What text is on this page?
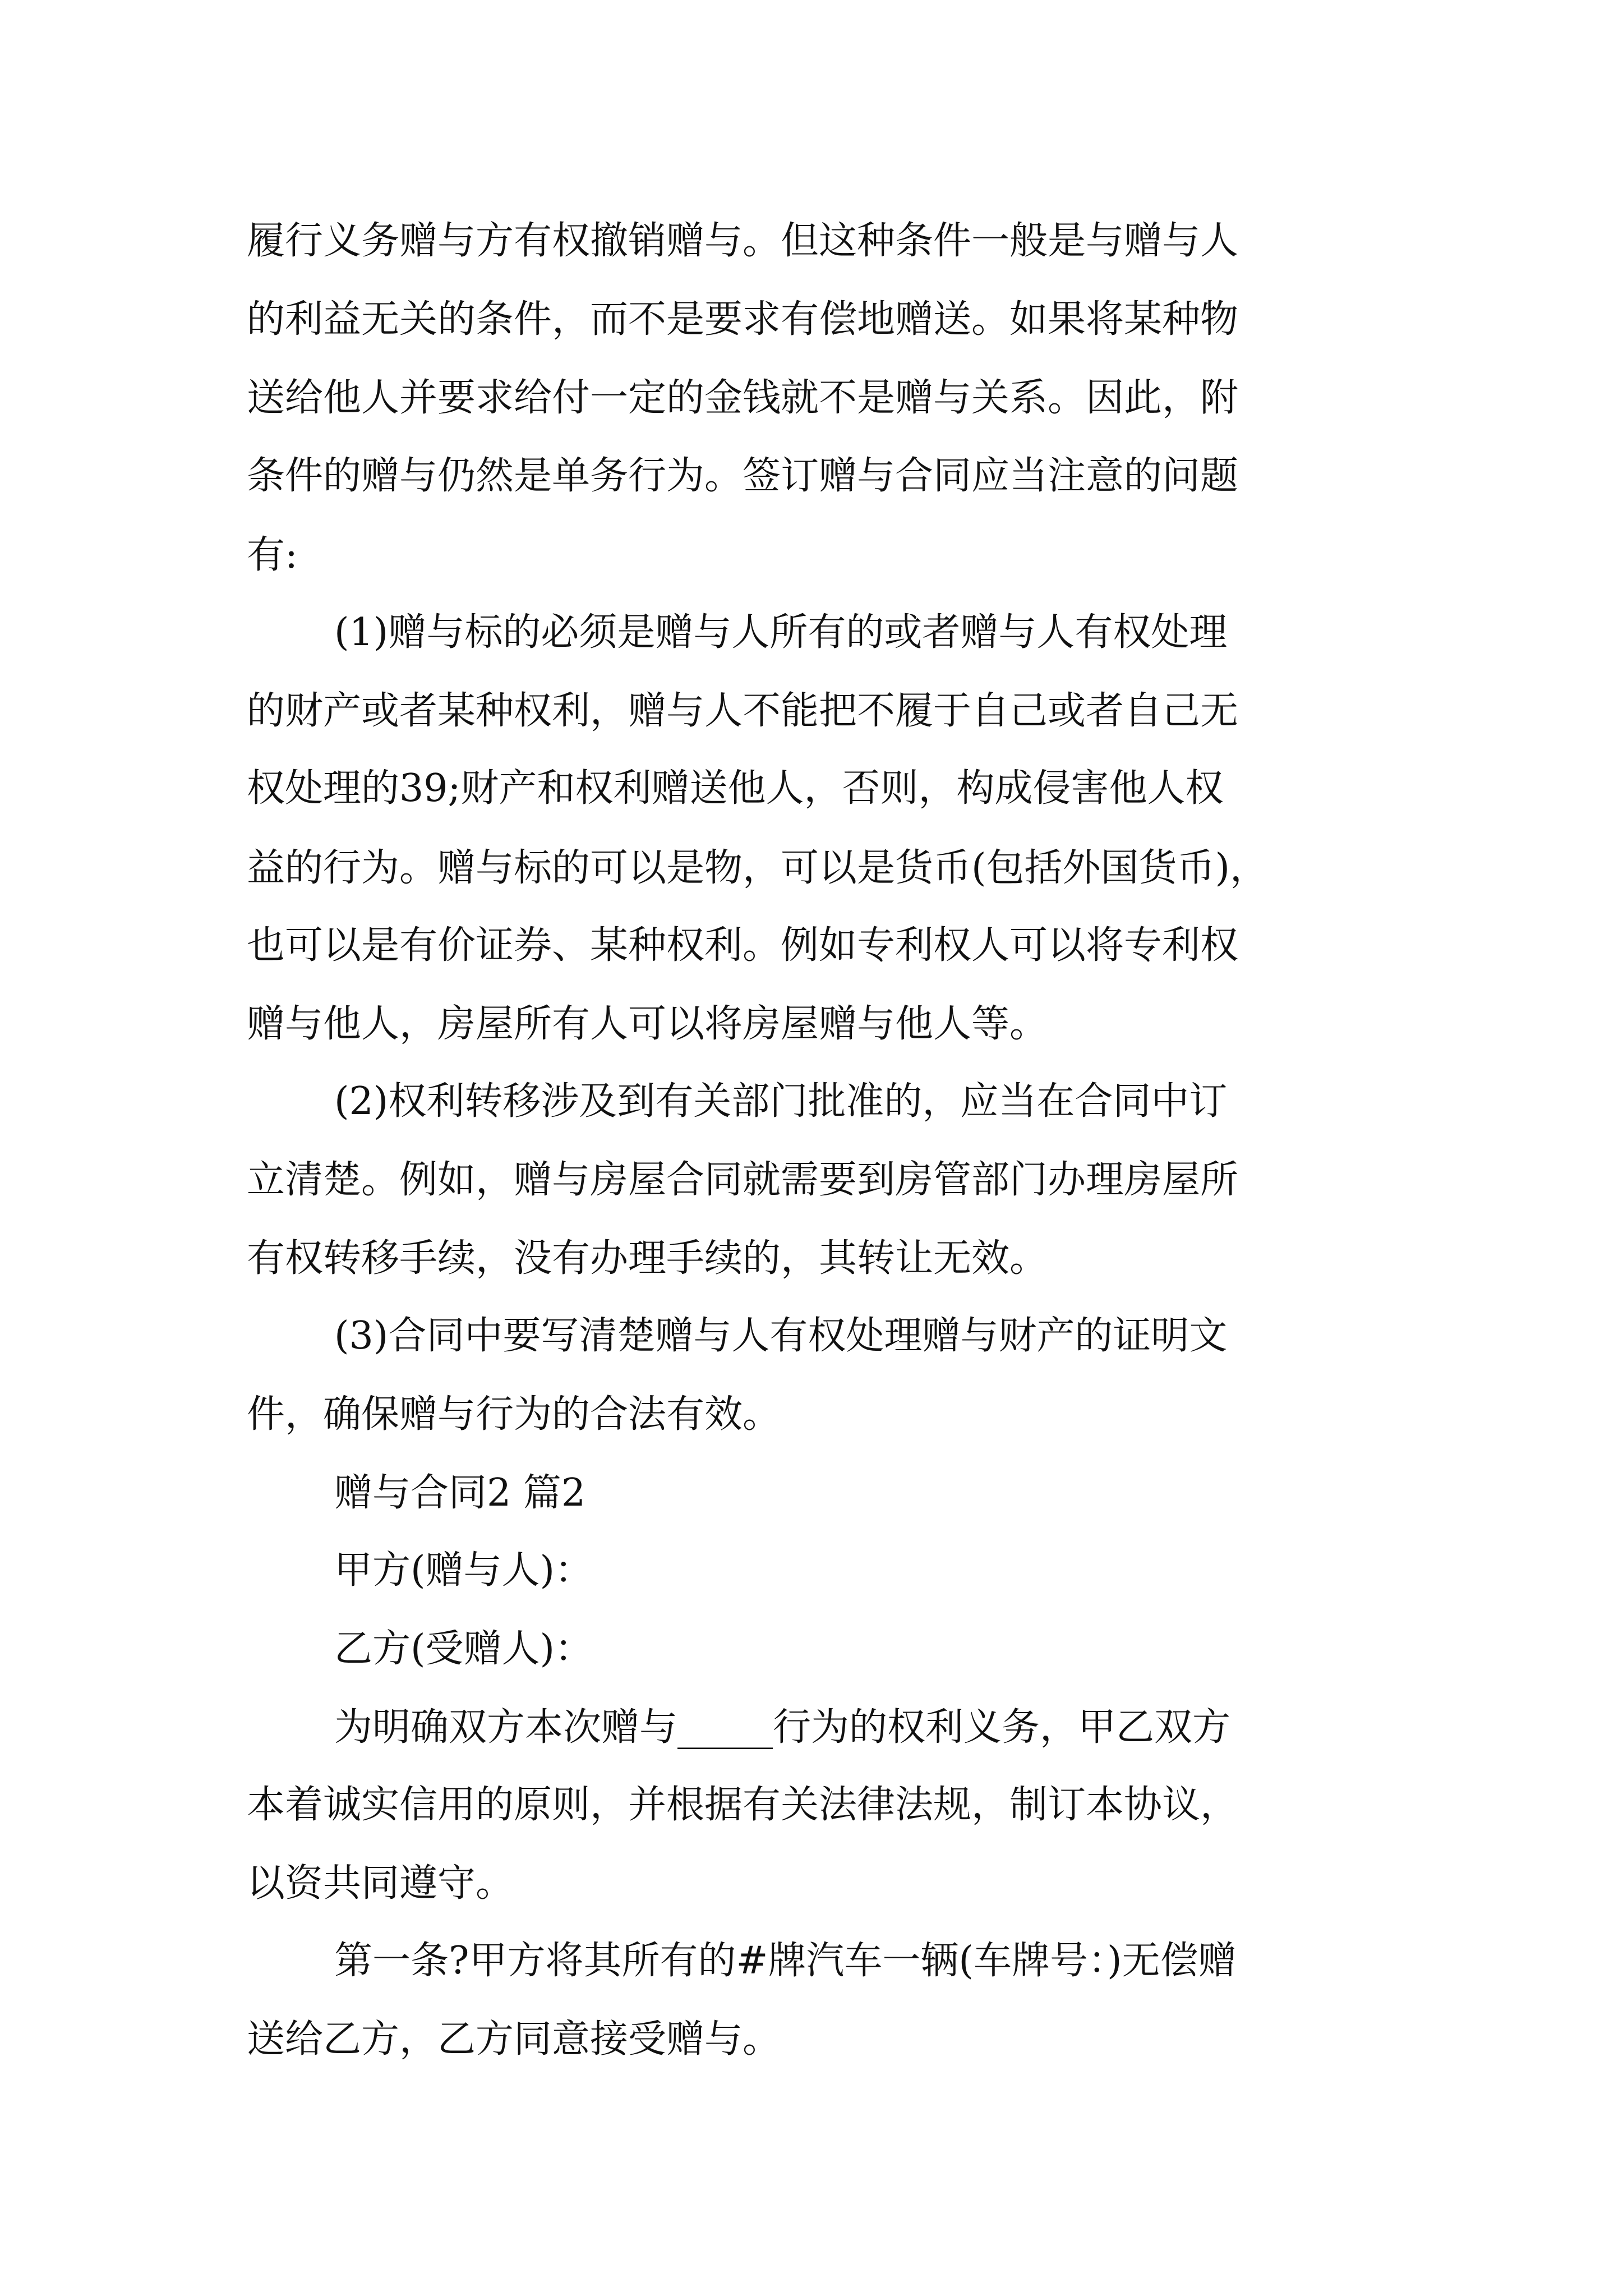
履行义务赠与方有权撤销赠与。但这种条件一般是与赠与人
的利益无关的条件，而不是要求有偿地赠送。如果将某种物
送给他人并要求给付一定的金钱就不是赠与关系。因此，附
条件的赠与仍然是单务行为。签订赠与合同应当注意的问题
有:
(1)赠与标的必须是赠与人所有的或者赠与人有权处理
的财产或者某种权利，赠与人不能把不履于自己或者自己无
权处理的39;财产和权利赠送他人，否则，构成侵害他人权
益的行为。赠与标的可以是物，可以是货币(包括外国货币)，
也可以是有价证券、某种权利。例如专利权人可以将专利权
赠与他人，房屋所有人可以将房屋赠与他人等。
(2)权利转移涉及到有关部门批准的，应当在合同中订
立清楚。例如，赠与房屋合同就需要到房管部门办理房屋所
有权转移手续，没有办理手续的，其转让无效。
(3)合同中要写清楚赠与人有权处理赠与财产的证明文
件，确保赠与行为的合法有效。
赠与合同2 篇2
甲方(赠与人)：
乙方(受赠人)：
为明确双方本次赠与_____行为的权利义务，甲乙双方
本着诚实信用的原则，并根据有关法律法规，制订本协议，
以资共同遵守。
第一条?甲方将其所有的#牌汽车一辆(车牌号：)无偿赠
送给乙方，乙方同意接受赠与。
